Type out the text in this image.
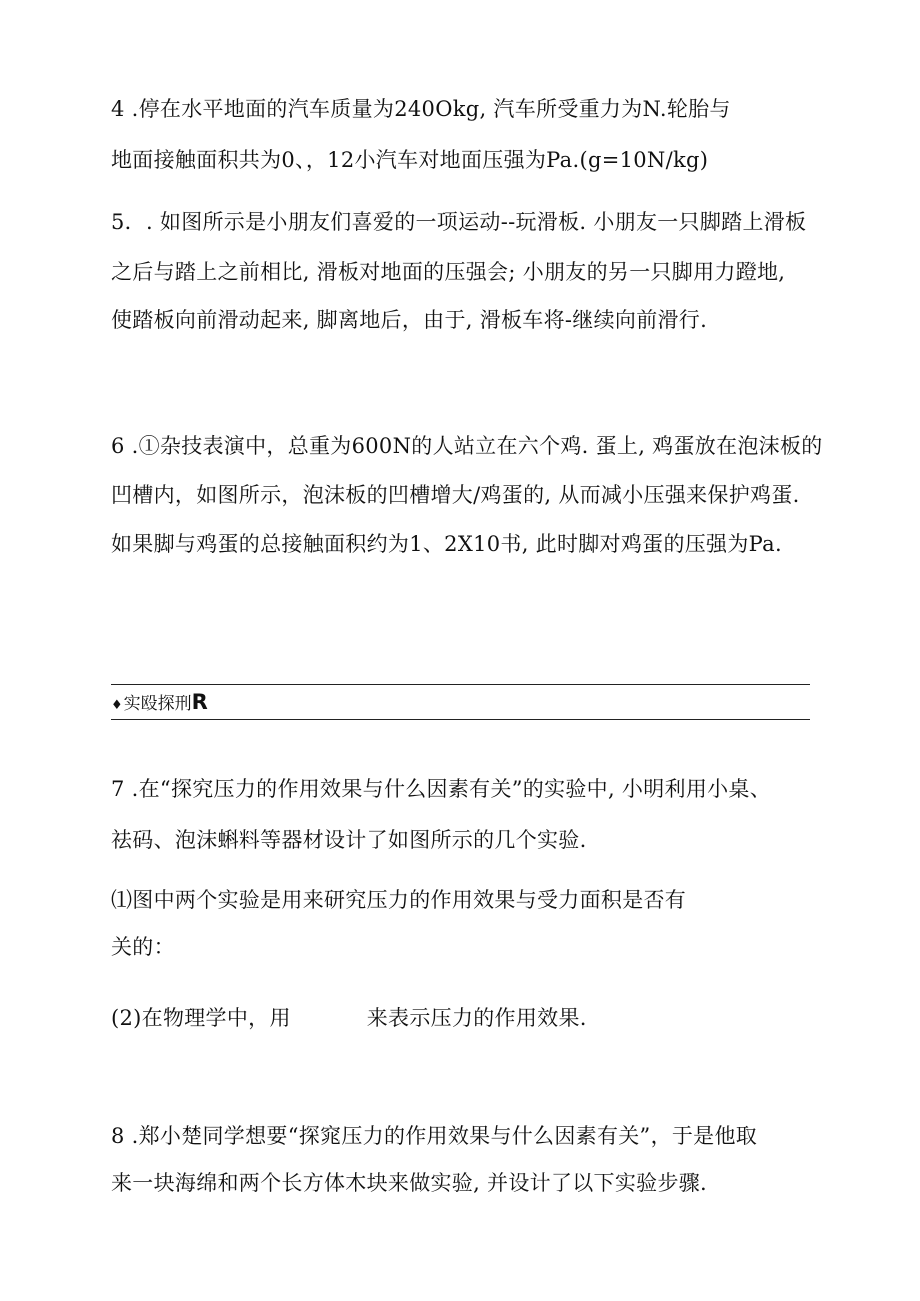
4 .停在水平地面的汽车质量为240Okg, 汽车所受重力为N.轮胎与
地面接触面积共为0、，12小汽车对地面压强为Pa.(g=10N/kg)
5．. 如图所示是小朋友们喜爱的一项运动--玩滑板. 小朋友一只脚踏上滑板
之后与踏上之前相比, 滑板对地面的压强会; 小朋友的另一只脚用力蹬地,
使踏板向前滑动起来, 脚离地后，由于, 滑板车将-继续向前滑行.
6 .①杂技表演中，总重为600N的人站立在六个鸡. 蛋上, 鸡蛋放在泡沫板的
凹槽内，如图所示，泡沫板的凹槽增大/鸡蛋的, 从而减小压强来保护鸡蛋.
如果脚与鸡蛋的总接触面积约为1、2X10书, 此时脚对鸡蛋的压强为Pa.
♦实殴探刑R
7 .在“探究压力的作用效果与什么因素有关”的实验中, 小明利用小桌、
祛码、泡沫蝌料等器材设计了如图所示的几个实验.
⑴图中两个实验是用来研究压力的作用效果与受力面积是否有
关的：
(2)在物理学中，用	来表示压力的作用效果.
8 .郑小楚同学想要“探窕压力的作用效果与什么因素有关”，于是他取
来一块海绵和两个长方体木块来做实验, 并设计了以下实验步骤.
